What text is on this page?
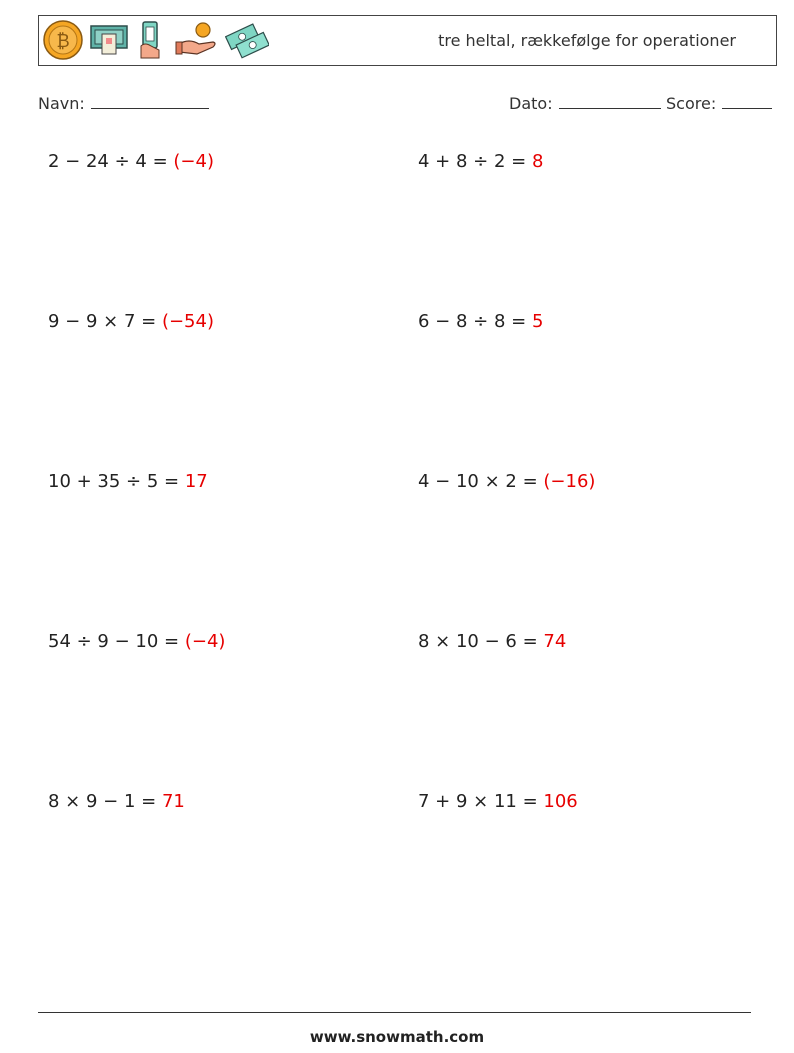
₿	tre heltal, rækkefølge for operationer
Navn:	Dato:	Score:
2 − 24 ÷ 4 = (−4)	4 + 8 ÷ 2 = 8
9 − 9 × 7 = (−54)	6 − 8 ÷ 8 = 5
10 + 35 ÷ 5 = 17	4 − 10 × 2 = (−16)
54 ÷ 9 − 10 = (−4)	8 × 10 − 6 = 74
8 × 9 − 1 = 71	7 + 9 × 11 = 106
www.snowmath.com
